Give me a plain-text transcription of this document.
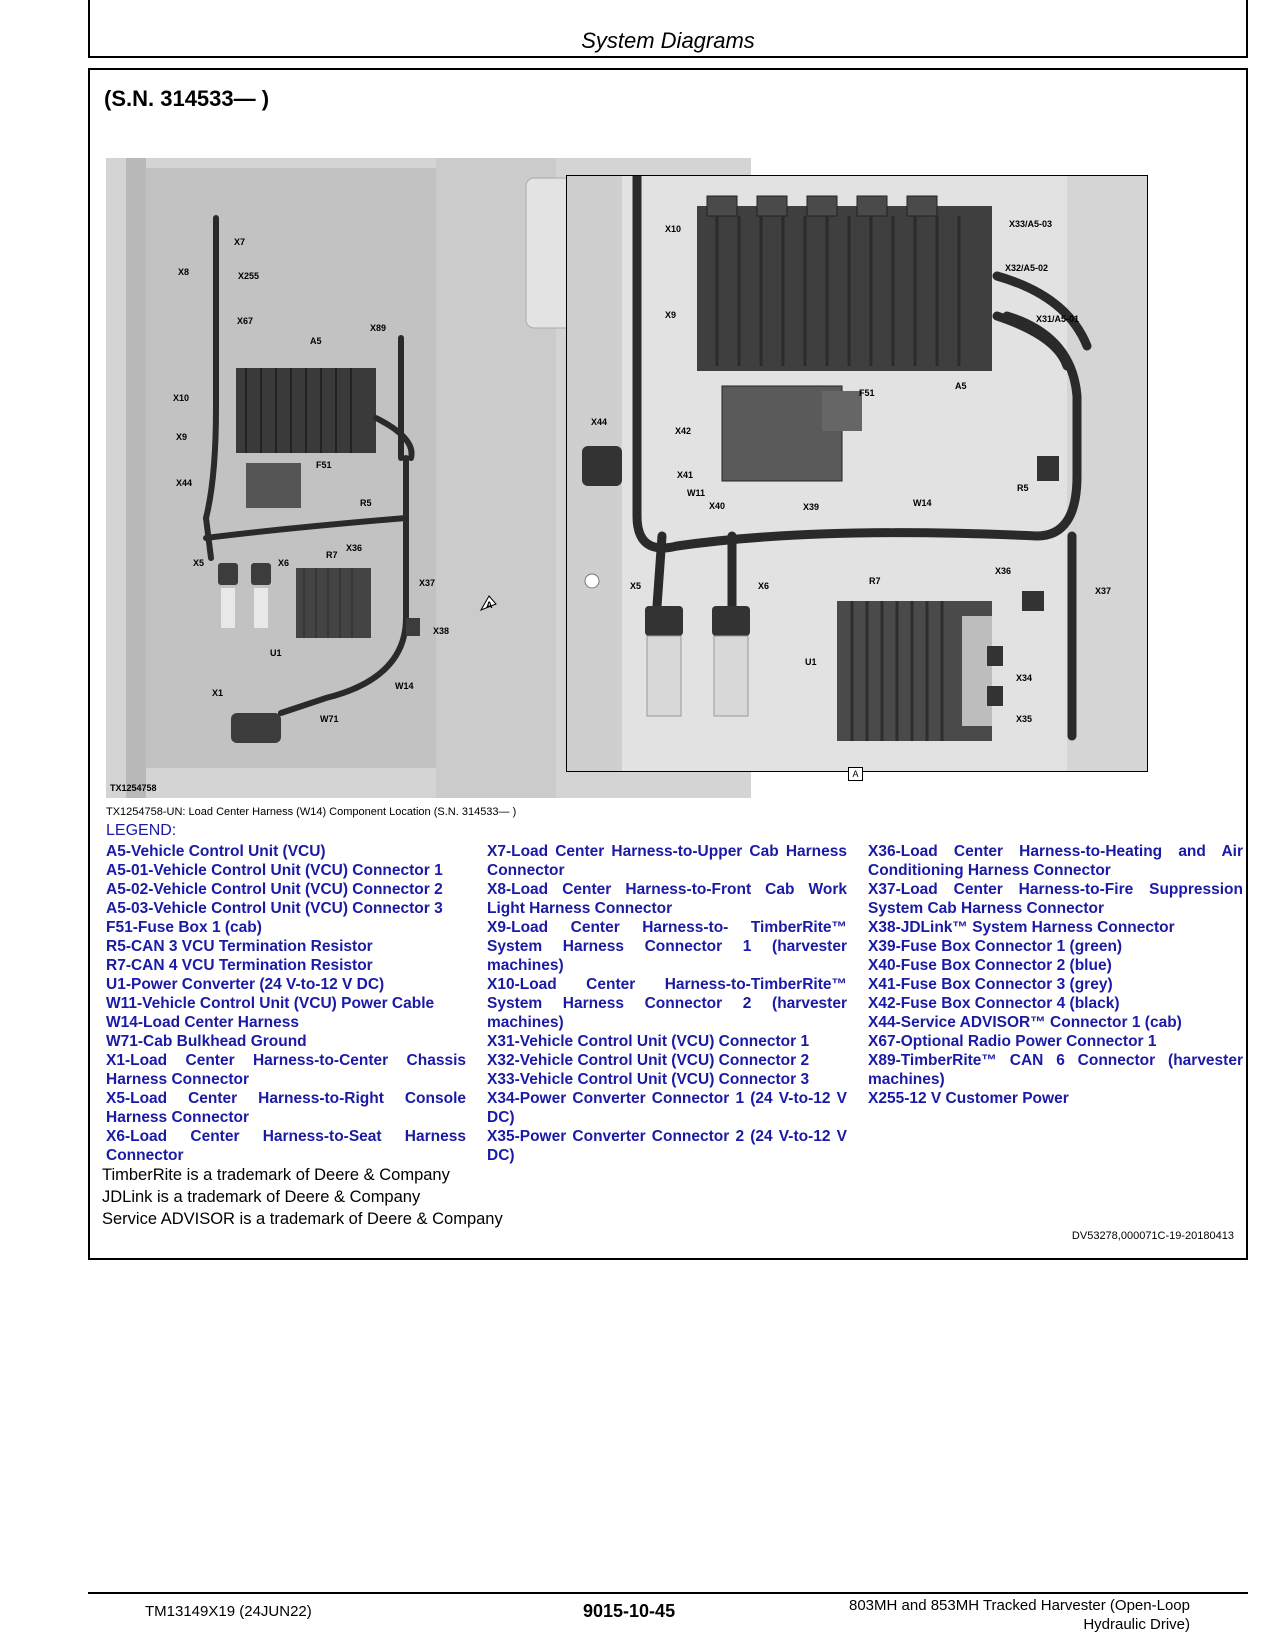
System Diagrams
(S.N. 314533— )
X7
X8	X255
X67
X89
A5
X10
X9
F51
X44
R5
X36
R7
X5	X6
X37
X38
U1
W14
X1
W71
A
X10	X33/A5-03
X32/A5-02
X31/A5-01
X9
F51
A5
X44
X42
X41
W11
X40	X39	W14
R5
X36
R7
X5	X6	X37
U1
X34
X35
A
TX1254758
TX1254758-UN: Load Center Harness (W14) Component Location (S.N. 314533— )
LEGEND:
A5-Vehicle Control Unit (VCU)
A5-01-Vehicle Control Unit (VCU) Connector 1
A5-02-Vehicle Control Unit (VCU) Connector 2
A5-03-Vehicle Control Unit (VCU) Connector 3
F51-Fuse Box 1 (cab)
R5-CAN 3 VCU Termination Resistor
R7-CAN 4 VCU Termination Resistor
U1-Power Converter (24 V-to-12 V DC)
W11-Vehicle Control Unit (VCU) Power Cable
W14-Load Center Harness
W71-Cab Bulkhead Ground
X1-Load Center Harness-to-Center Chassis Harness Connector
X5-Load Center Harness-to-Right Console Harness Connector
X6-Load Center Harness-to-Seat Harness Connector
X7-Load Center Harness-to-Upper Cab Harness Connector
X8-Load Center Harness-to-Front Cab Work Light Harness Connector
X9-Load Center Harness-to- TimberRite™ System Harness Connector 1 (harvester machines)
X10-Load Center Harness-to-TimberRite™ System Harness Connector 2 (harvester machines)
X31-Vehicle Control Unit (VCU) Connector 1
X32-Vehicle Control Unit (VCU) Connector 2
X33-Vehicle Control Unit (VCU) Connector 3
X34-Power Converter Connector 1 (24 V-to-12 V DC)
X35-Power Converter Connector 2 (24 V-to-12 V DC)
X36-Load Center Harness-to-Heating and Air Conditioning Harness Connector
X37-Load Center Harness-to-Fire Suppression System Cab Harness Connector
X38-JDLink™ System Harness Connector
X39-Fuse Box Connector 1 (green)
X40-Fuse Box Connector 2 (blue)
X41-Fuse Box Connector 3 (grey)
X42-Fuse Box Connector 4 (black)
X44-Service ADVISOR™ Connector 1 (cab)
X67-Optional Radio Power Connector 1
X89-TimberRite™ CAN 6 Connector (harvester machines)
X255-12 V Customer Power
TimberRite is a trademark of Deere & Company
JDLink is a trademark of Deere & Company
Service ADVISOR is a trademark of Deere & Company
DV53278,000071C-19-20180413
TM13149X19 (24JUN22)	9015-10-45	803MH and 853MH Tracked Harvester (Open-Loop
Hydraulic Drive)
